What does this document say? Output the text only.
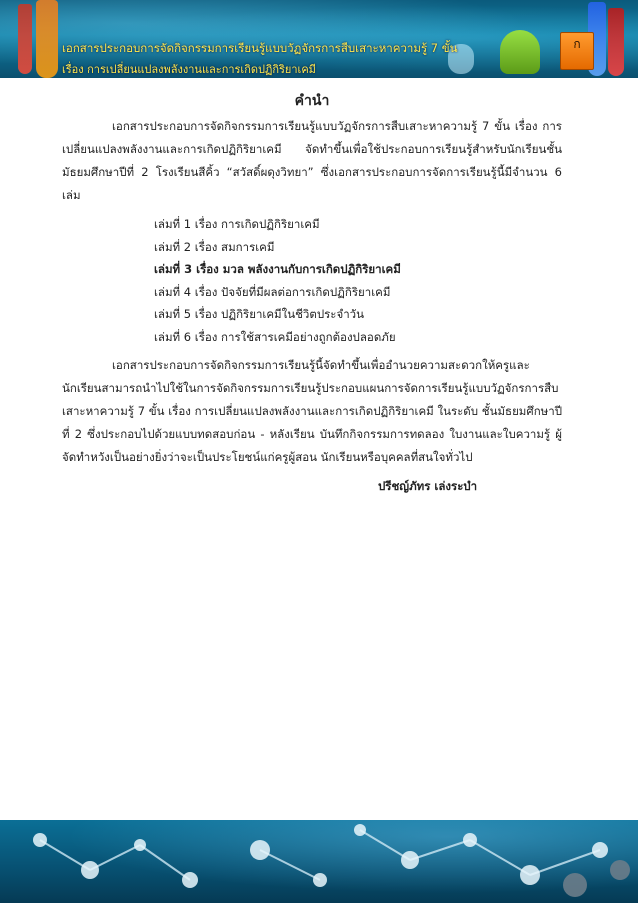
เอกสารประกอบการจัดกิจกรรมการเรียนรู้แบบวัฏจักรการสืบเสาะหาความรู้ 7 ขั้น
เรื่อง การเปลี่ยนแปลงพลังงานและการเกิดปฏิกิริยาเคมี
ก
คำนำ

เอกสารประกอบการจัดกิจกรรมการเรียนรู้แบบวัฏจักรการสืบเสาะหาความรู้ 7 ขั้น เรื่อง การเปลี่ยนแปลงพลังงานและการเกิดปฏิกิริยาเคมี จัดทำขึ้นเพื่อใช้ประกอบการเรียนรู้สำหรับนักเรียนชั้นมัธยมศึกษาปีที่ 2 โรงเรียนสีคิ้ว “สวัสดิ์ผดุงวิทยา” ซึ่งเอกสารประกอบการจัดการเรียนรู้นี้มีจำนวน 6 เล่ม

เล่มที่ 1 เรื่อง การเกิดปฏิกิริยาเคมี
เล่มที่ 2 เรื่อง สมการเคมี
เล่มที่ 3 เรื่อง มวล พลังงานกับการเกิดปฏิกิริยาเคมี
เล่มที่ 4 เรื่อง ปัจจัยที่มีผลต่อการเกิดปฏิกิริยาเคมี
เล่มที่ 5 เรื่อง ปฏิกิริยาเคมีในชีวิตประจำวัน
เล่มที่ 6 เรื่อง การใช้สารเคมีอย่างถูกต้องปลอดภัย

เอกสารประกอบการจัดกิจกรรมการเรียนรู้นี้จัดทำขึ้นเพื่ออำนวยความสะดวกให้ครูและนักเรียนสามารถนำไปใช้ในการจัดกิจกรรมการเรียนรู้ประกอบแผนการจัดการเรียนรู้แบบวัฏจักรการสืบเสาะหาความรู้ 7 ขั้น เรื่อง การเปลี่ยนแปลงพลังงานและการเกิดปฏิกิริยาเคมี ในระดับ ชั้นมัธยมศึกษาปีที่ 2 ซึ่งประกอบไปด้วยแบบทดสอบก่อน - หลังเรียน บันทึกกิจกรรมการทดลอง ใบงานและใบความรู้ ผู้จัดทำหวังเป็นอย่างยิ่งว่าจะเป็นประโยชน์แก่ครูผู้สอน นักเรียนหรือบุคคลที่สนใจทั่วไป

ปรีชญ์ภัทร เล่งระบำ
